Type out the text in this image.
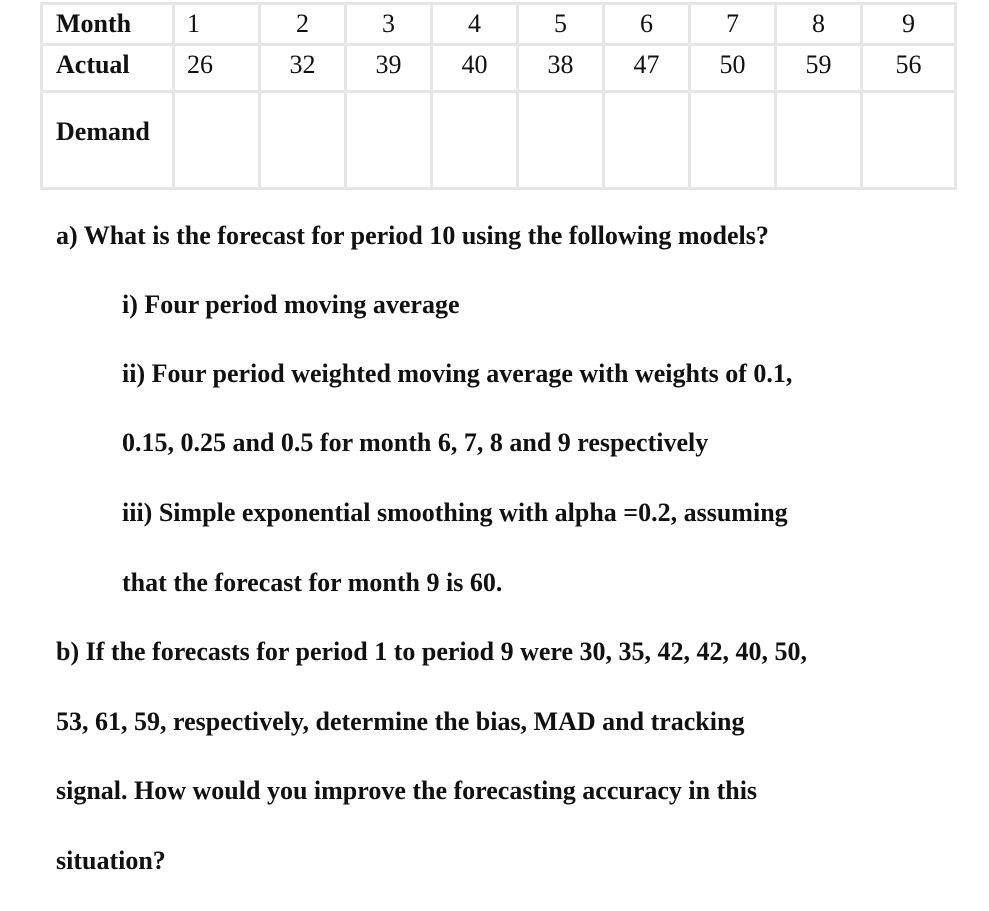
Month	1	2	3	4	5	6	7	8	9
Actual	26	32	39	40	38	47	50	59	56
Demand									
a) What is the forecast for period 10 using the following models?
i) Four period moving average
ii) Four period weighted moving average with weights of 0.1,
0.15, 0.25 and 0.5 for month 6, 7, 8 and 9 respectively
iii) Simple exponential smoothing with alpha =0.2, assuming
that the forecast for month 9 is 60.
b) If the forecasts for period 1 to period 9 were 30, 35, 42, 42, 40, 50,
53, 61, 59, respectively, determine the bias, MAD and tracking
signal. How would you improve the forecasting accuracy in this
situation?
